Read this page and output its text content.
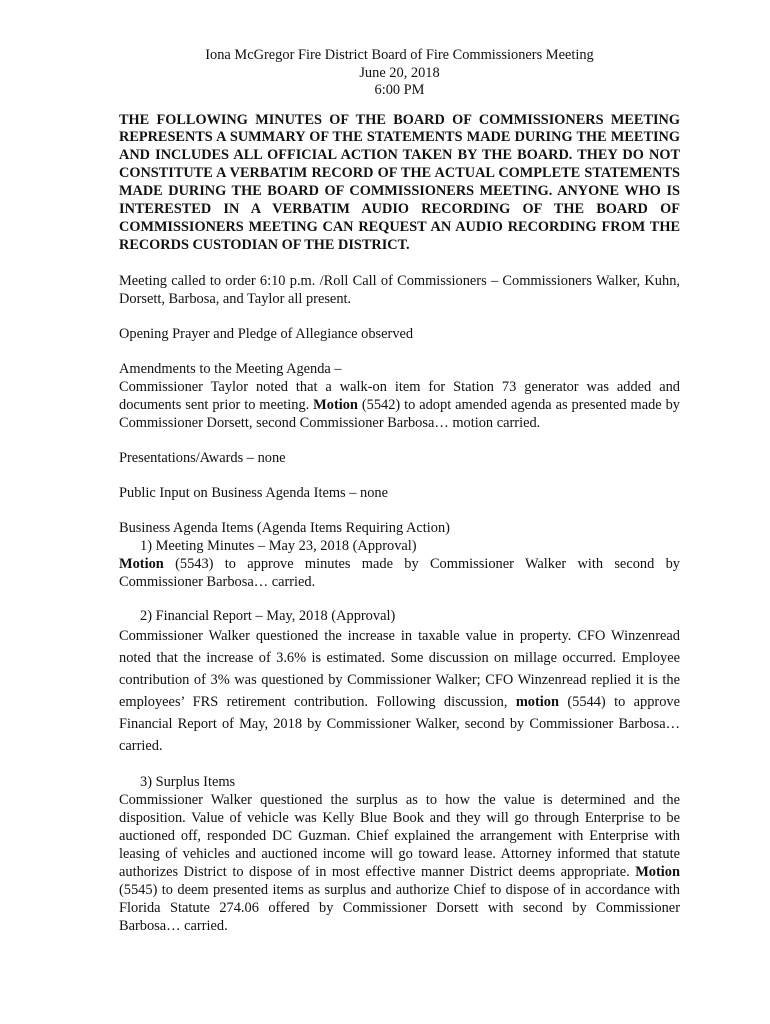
Iona McGregor Fire District Board of Fire Commissioners Meeting
June 20, 2018
6:00 PM
THE FOLLOWING MINUTES OF THE BOARD OF COMMISSIONERS MEETING REPRESENTS A SUMMARY OF THE STATEMENTS MADE DURING THE MEETING AND INCLUDES ALL OFFICIAL ACTION TAKEN BY THE BOARD. THEY DO NOT CONSTITUTE A VERBATIM RECORD OF THE ACTUAL COMPLETE STATEMENTS MADE DURING THE BOARD OF COMMISSIONERS MEETING. ANYONE WHO IS INTERESTED IN A VERBATIM AUDIO RECORDING OF THE BOARD OF COMMISSIONERS MEETING CAN REQUEST AN AUDIO RECORDING FROM THE RECORDS CUSTODIAN OF THE DISTRICT.
Meeting called to order 6:10 p.m. /Roll Call of Commissioners – Commissioners Walker, Kuhn, Dorsett, Barbosa, and Taylor all present.
Opening Prayer and Pledge of Allegiance observed
Amendments to the Meeting Agenda –
Commissioner Taylor noted that a walk-on item for Station 73 generator was added and documents sent prior to meeting. Motion (5542) to adopt amended agenda as presented made by Commissioner Dorsett, second Commissioner Barbosa… motion carried.
Presentations/Awards – none
Public Input on Business Agenda Items – none
Business Agenda Items (Agenda Items Requiring Action)
1) Meeting Minutes – May 23, 2018 (Approval)
Motion (5543) to approve minutes made by Commissioner Walker with second by Commissioner Barbosa… carried.
2) Financial Report – May, 2018 (Approval)
Commissioner Walker questioned the increase in taxable value in property. CFO Winzenread noted that the increase of 3.6% is estimated. Some discussion on millage occurred. Employee contribution of 3% was questioned by Commissioner Walker; CFO Winzenread replied it is the employees’ FRS retirement contribution. Following discussion, motion (5544) to approve Financial Report of May, 2018 by Commissioner Walker, second by Commissioner Barbosa… carried.
3) Surplus Items
Commissioner Walker questioned the surplus as to how the value is determined and the disposition. Value of vehicle was Kelly Blue Book and they will go through Enterprise to be auctioned off, responded DC Guzman. Chief explained the arrangement with Enterprise with leasing of vehicles and auctioned income will go toward lease. Attorney informed that statute authorizes District to dispose of in most effective manner District deems appropriate. Motion (5545) to deem presented items as surplus and authorize Chief to dispose of in accordance with Florida Statute 274.06 offered by Commissioner Dorsett with second by Commissioner Barbosa… carried.
